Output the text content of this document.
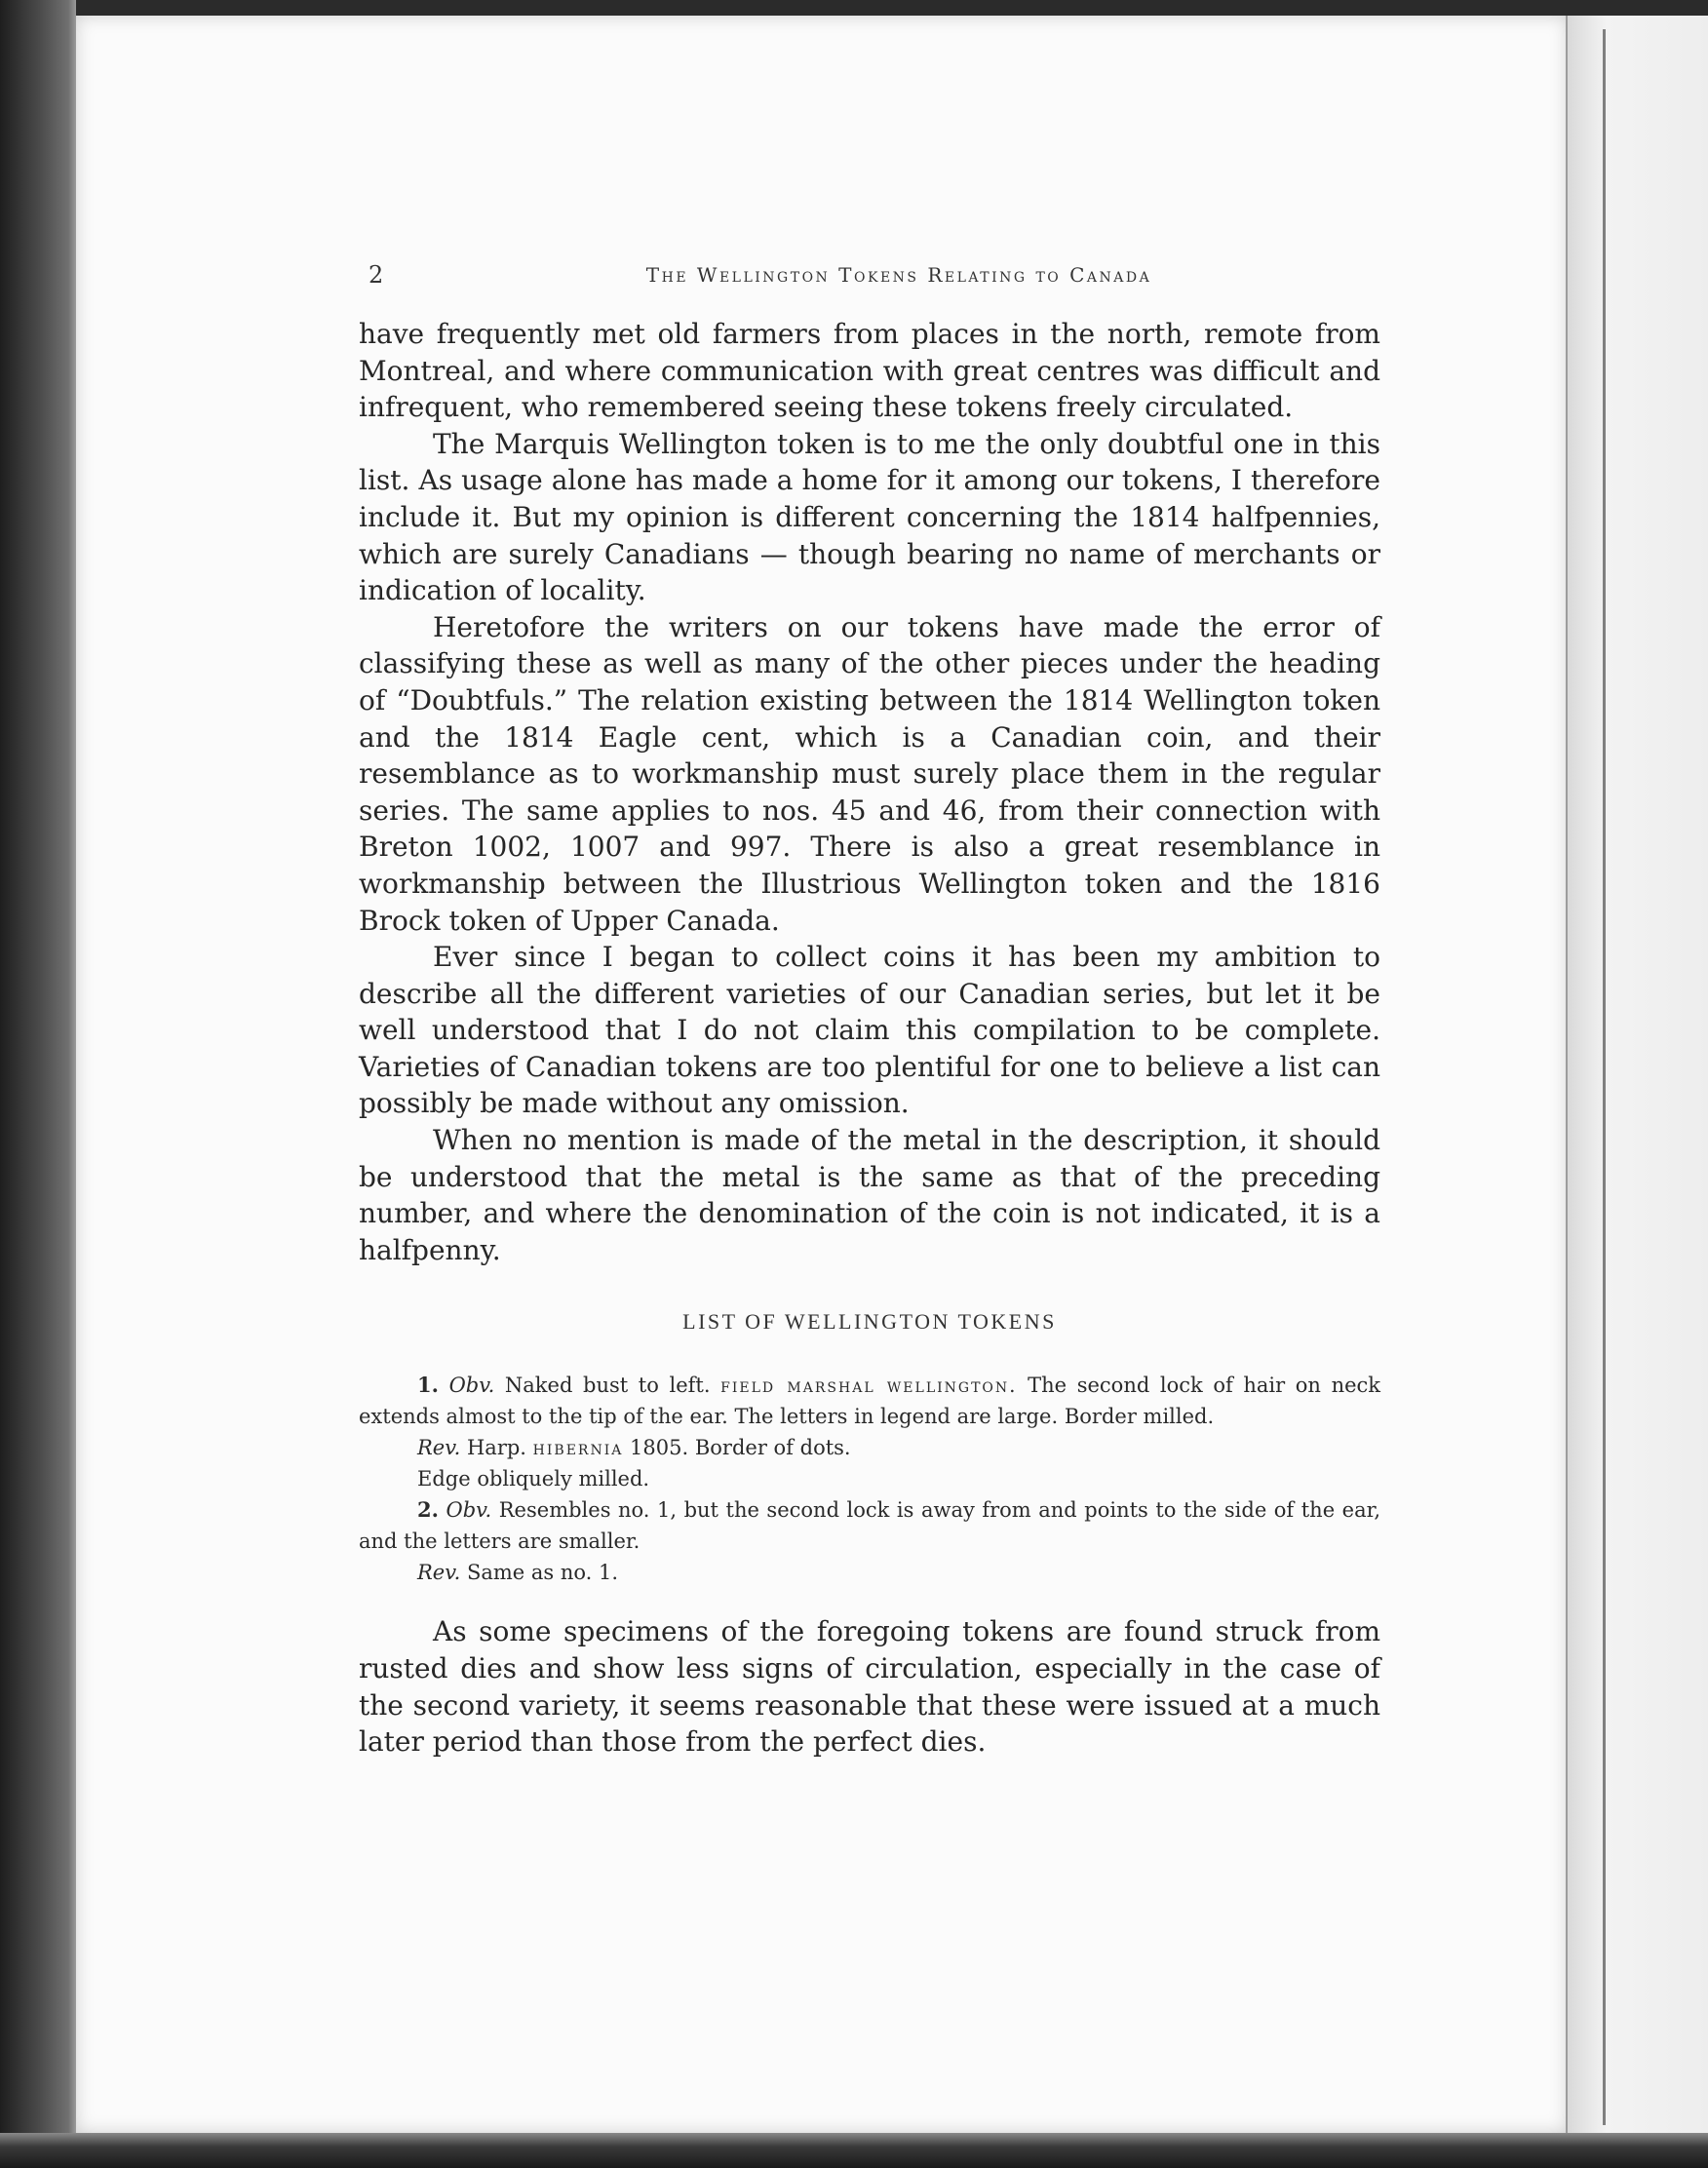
2	The Wellington Tokens Relating to Canada

have frequently met old farmers from places in the north, remote from Montreal, and where communication with great centres was difficult and infrequent, who remembered seeing these tokens freely circulated.

The Marquis Wellington token is to me the only doubtful one in this list. As usage alone has made a home for it among our tokens, I therefore include it. But my opinion is different concerning the 1814 halfpennies, which are surely Canadians — though bearing no name of merchants or indication of locality.

Heretofore the writers on our tokens have made the error of classifying these as well as many of the other pieces under the heading of “Doubtfuls.” The relation existing between the 1814 Wellington token and the 1814 Eagle cent, which is a Canadian coin, and their resemblance as to workmanship must surely place them in the regular series. The same applies to nos. 45 and 46, from their connection with Breton 1002, 1007 and 997. There is also a great resemblance in workmanship between the Illustrious Wellington token and the 1816 Brock token of Upper Canada.

Ever since I began to collect coins it has been my ambition to describe all the different varieties of our Canadian series, but let it be well understood that I do not claim this compilation to be complete. Varieties of Canadian tokens are too plentiful for one to believe a list can possibly be made without any omission.

When no mention is made of the metal in the description, it should be understood that the metal is the same as that of the preceding number, and where the denomination of the coin is not indicated, it is a halfpenny.

LIST OF WELLINGTON TOKENS

1. Obv. Naked bust to left. field marshal wellington. The second lock of hair on neck extends almost to the tip of the ear. The letters in legend are large. Border milled.

Rev. Harp. hibernia 1805. Border of dots.

Edge obliquely milled.

2. Obv. Resembles no. 1, but the second lock is away from and points to the side of the ear, and the letters are smaller.

Rev. Same as no. 1.

As some specimens of the foregoing tokens are found struck from rusted dies and show less signs of circulation, especially in the case of the second variety, it seems reasonable that these were issued at a much later period than those from the perfect dies.
